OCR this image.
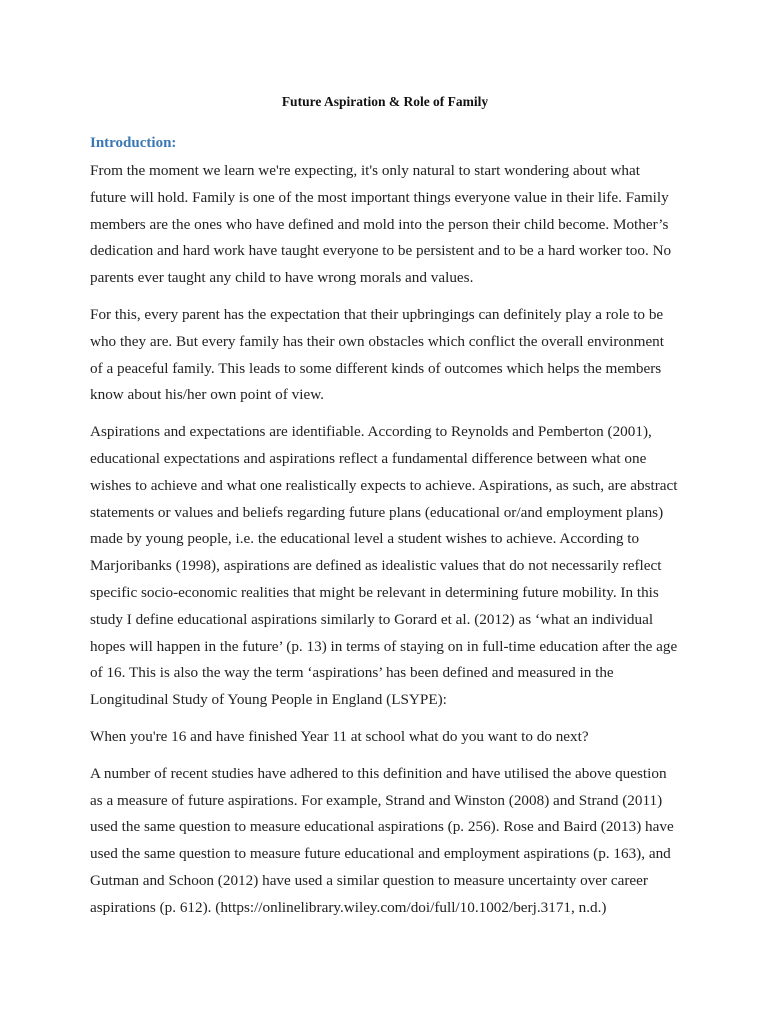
Future Aspiration & Role of Family
Introduction:

From the moment we learn we're expecting, it's only natural to start wondering about what future will hold. Family is one of the most important things everyone value in their life. Family members are the ones who have defined and mold into the person their child become. Mother’s dedication and hard work have taught everyone to be persistent and to be a hard worker too. No parents ever taught any child to have wrong morals and values.

For this, every parent has the expectation that their upbringings can definitely play a role to be who they are. But every family has their own obstacles which conflict the overall environment of a peaceful family. This leads to some different kinds of outcomes which helps the members know about his/her own point of view.

Aspirations and expectations are identifiable. According to Reynolds and Pemberton (2001), educational expectations and aspirations reflect a fundamental difference between what one wishes to achieve and what one realistically expects to achieve. Aspirations, as such, are abstract statements or values and beliefs regarding future plans (educational or/and employment plans) made by young people, i.e. the educational level a student wishes to achieve. According to Marjoribanks (1998), aspirations are defined as idealistic values that do not necessarily reflect specific socio-economic realities that might be relevant in determining future mobility. In this study I define educational aspirations similarly to Gorard et al. (2012) as ‘what an individual hopes will happen in the future’ (p. 13) in terms of staying on in full-time education after the age of 16. This is also the way the term ‘aspirations’ has been defined and measured in the Longitudinal Study of Young People in England (LSYPE):

When you're 16 and have finished Year 11 at school what do you want to do next?

A number of recent studies have adhered to this definition and have utilised the above question as a measure of future aspirations. For example, Strand and Winston (2008) and Strand (2011) used the same question to measure educational aspirations (p. 256). Rose and Baird (2013) have used the same question to measure future educational and employment aspirations (p. 163), and Gutman and Schoon (2012) have used a similar question to measure uncertainty over career aspirations (p. 612). (https://onlinelibrary.wiley.com/doi/full/10.1002/berj.3171, n.d.)
